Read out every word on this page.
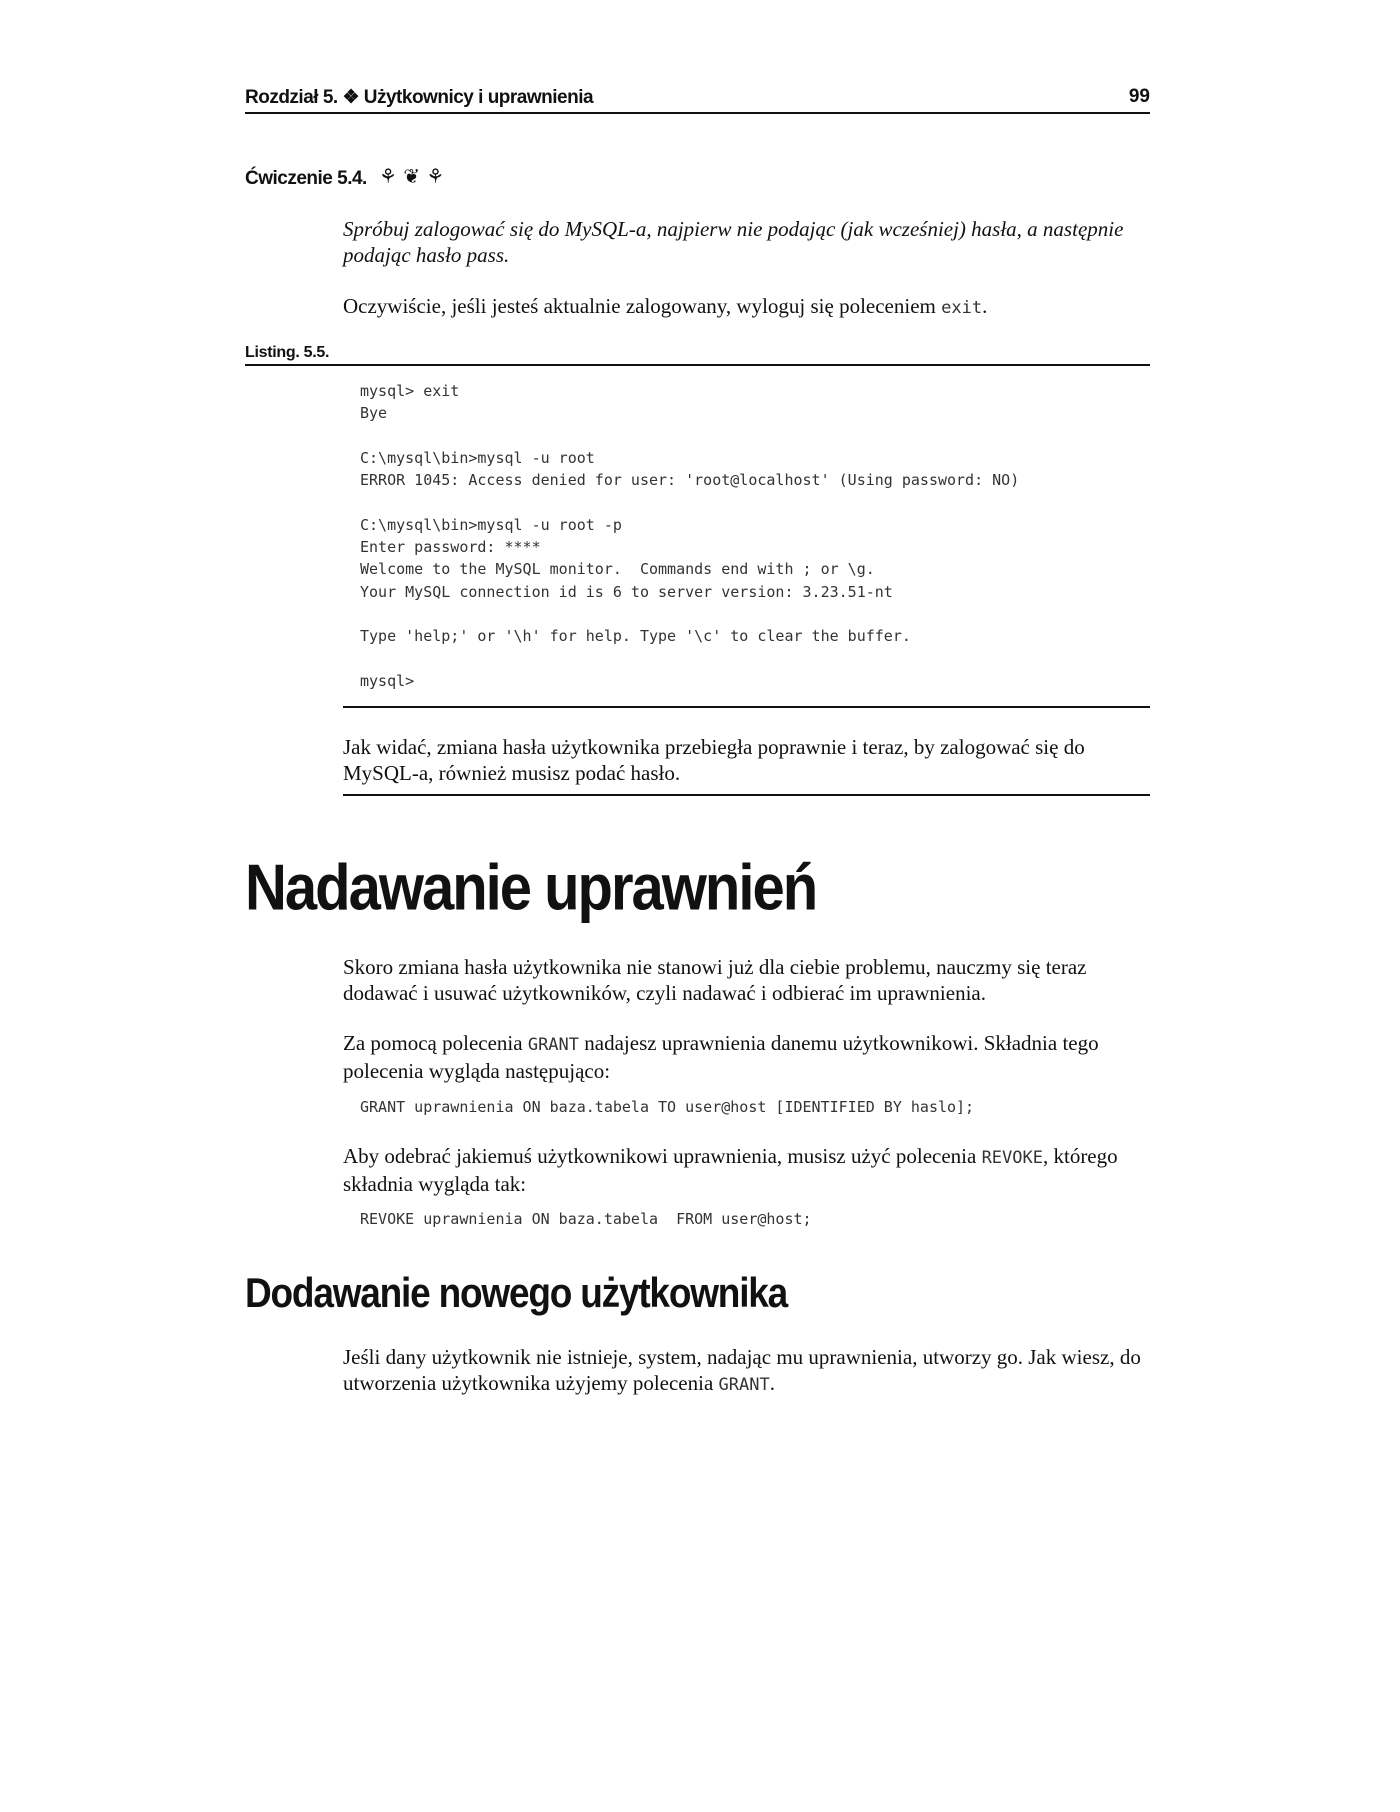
Rozdział 5. ❖ Użytkownicy i uprawnienia	99
Ćwiczenie 5.4. ⚘ ❦ ⚘

Spróbuj zalogować się do MySQL-a, najpierw nie podając (jak wcześniej) hasła, a następnie podając hasło pass.

Oczywiście, jeśli jesteś aktualnie zalogowany, wyloguj się poleceniem exit.

Listing. 5.5.
mysql> exit
Bye

C:\mysql\bin>mysql -u root
ERROR 1045: Access denied for user: 'root@localhost' (Using password: NO)

C:\mysql\bin>mysql -u root -p
Enter password: ****
Welcome to the MySQL monitor.  Commands end with ; or \g.
Your MySQL connection id is 6 to server version: 3.23.51-nt

Type 'help;' or '\h' for help. Type '\c' to clear the buffer.

mysql>

Jak widać, zmiana hasła użytkownika przebiegła poprawnie i teraz, by zalogować się do MySQL-a, również musisz podać hasło.

Nadawanie uprawnień

Skoro zmiana hasła użytkownika nie stanowi już dla ciebie problemu, nauczmy się teraz dodawać i usuwać użytkowników, czyli nadawać i odbierać im uprawnienia.

Za pomocą polecenia GRANT nadajesz uprawnienia danemu użytkownikowi. Składnia tego polecenia wygląda następująco:

GRANT uprawnienia ON baza.tabela TO user@host [IDENTIFIED BY haslo];

Aby odebrać jakiemuś użytkownikowi uprawnienia, musisz użyć polecenia REVOKE, którego składnia wygląda tak:

REVOKE uprawnienia ON baza.tabela  FROM user@host;
Dodawanie nowego użytkownika

Jeśli dany użytkownik nie istnieje, system, nadając mu uprawnienia, utworzy go. Jak wiesz, do utworzenia użytkownika użyjemy polecenia GRANT.
